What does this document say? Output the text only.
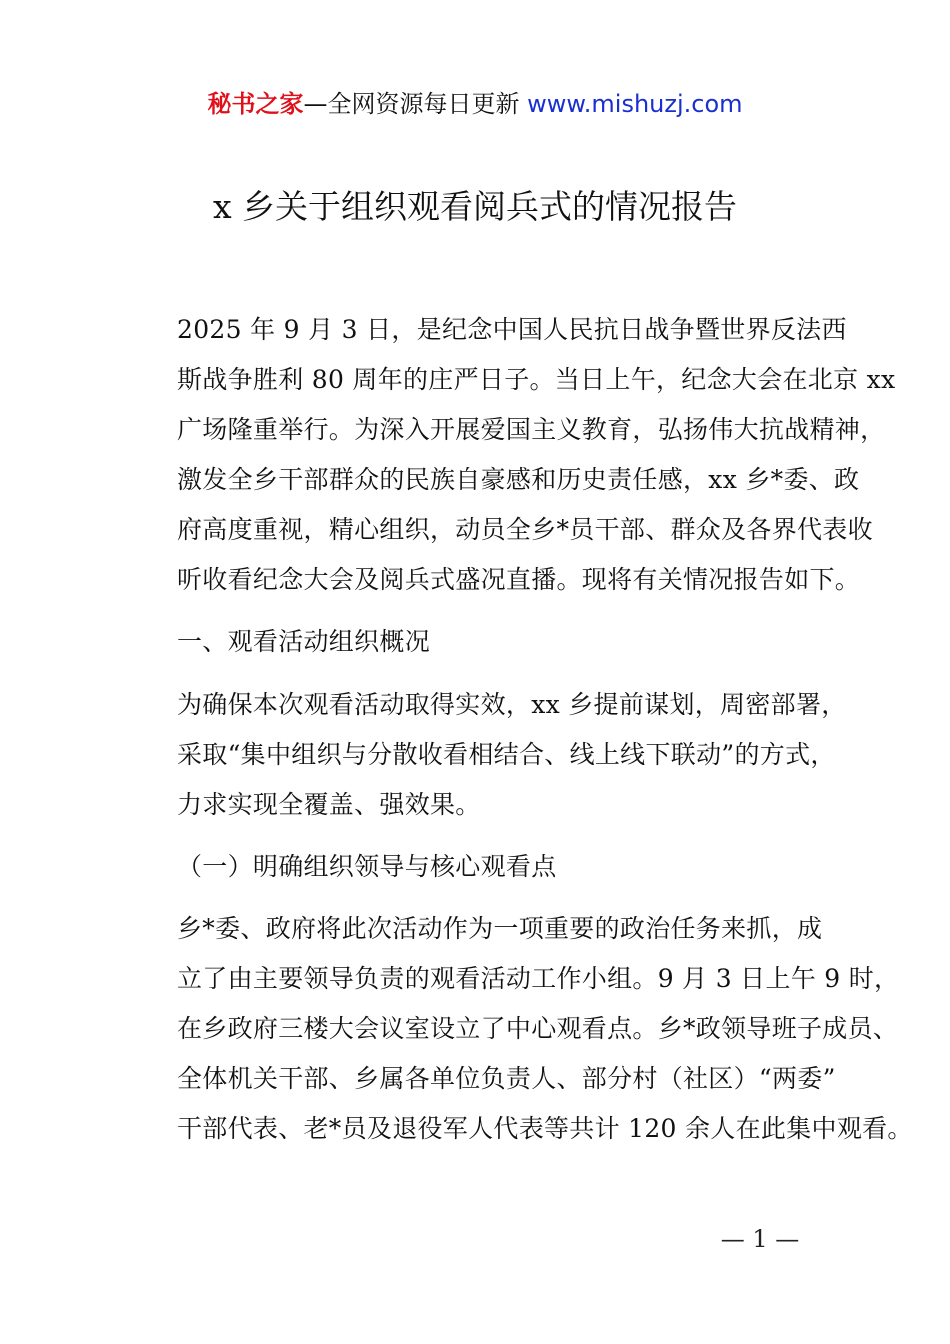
秘书之家—全网资源每日更新 www.mishuzj.com
x 乡关于组织观看阅兵式的情况报告

2025 年 9 月 3 日，是纪念中国人民抗日战争暨世界反法西
斯战争胜利 80 周年的庄严日子。当日上午，纪念大会在北京 xx
广场隆重举行。为深入开展爱国主义教育，弘扬伟大抗战精神，
激发全乡干部群众的民族自豪感和历史责任感，xx 乡*委、政
府高度重视，精心组织，动员全乡*员干部、群众及各界代表收
听收看纪念大会及阅兵式盛况直播。现将有关情况报告如下。

一、观看活动组织概况

为确保本次观看活动取得实效，xx 乡提前谋划，周密部署，
采取“集中组织与分散收看相结合、线上线下联动”的方式，
力求实现全覆盖、强效果。

（一）明确组织领导与核心观看点

乡*委、政府将此次活动作为一项重要的政治任务来抓，成
立了由主要领导负责的观看活动工作小组。9 月 3 日上午 9 时，
在乡政府三楼大会议室设立了中心观看点。乡*政领导班子成员、
全体机关干部、乡属各单位负责人、部分村（社区）“两委”
干部代表、老*员及退役军人代表等共计 120 余人在此集中观看。

— 1 —
